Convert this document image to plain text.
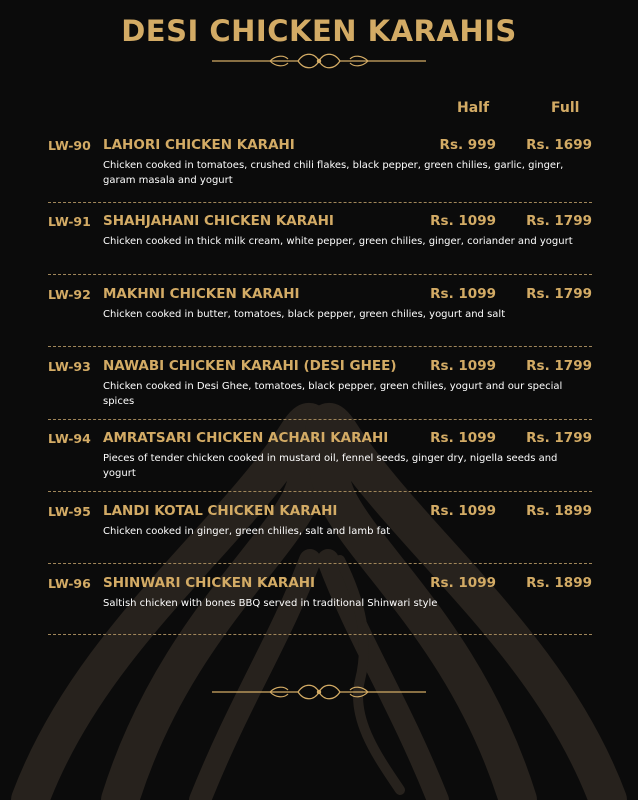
DESI CHICKEN KARAHIS
Half	Full
LW-90 LAHORI CHICKEN KARAHI	Rs. 999 Rs. 1699
Chicken cooked in tomatoes, crushed chili flakes, black pepper, green chilies, garlic, ginger, garam masala and yogurt
LW-91 SHAHJAHANI CHICKEN KARAHI	Rs. 1099 Rs. 1799
Chicken cooked in thick milk cream, white pepper, green chilies, ginger, coriander and yogurt
LW-92 MAKHNI CHICKEN KARAHI	Rs. 1099 Rs. 1799
Chicken cooked in butter, tomatoes, black pepper, green chilies, yogurt and salt
LW-93 NAWABI CHICKEN KARAHI (DESI GHEE) Rs. 1099 Rs. 1799
Chicken cooked in Desi Ghee, tomatoes, black pepper, green chilies, yogurt and our special spices
LW-94 AMRATSARI CHICKEN ACHARI KARAHI	Rs. 1099 Rs. 1799
Pieces of tender chicken cooked in mustard oil, fennel seeds, ginger dry, nigella seeds and yogurt
LW-95 LANDI KOTAL CHICKEN KARAHI	Rs. 1099 Rs. 1899
Chicken cooked in ginger, green chilies, salt and lamb fat
LW-96 SHINWARI CHICKEN KARAHI	Rs. 1099 Rs. 1899
Saltish chicken with bones BBQ served in traditional Shinwari style
